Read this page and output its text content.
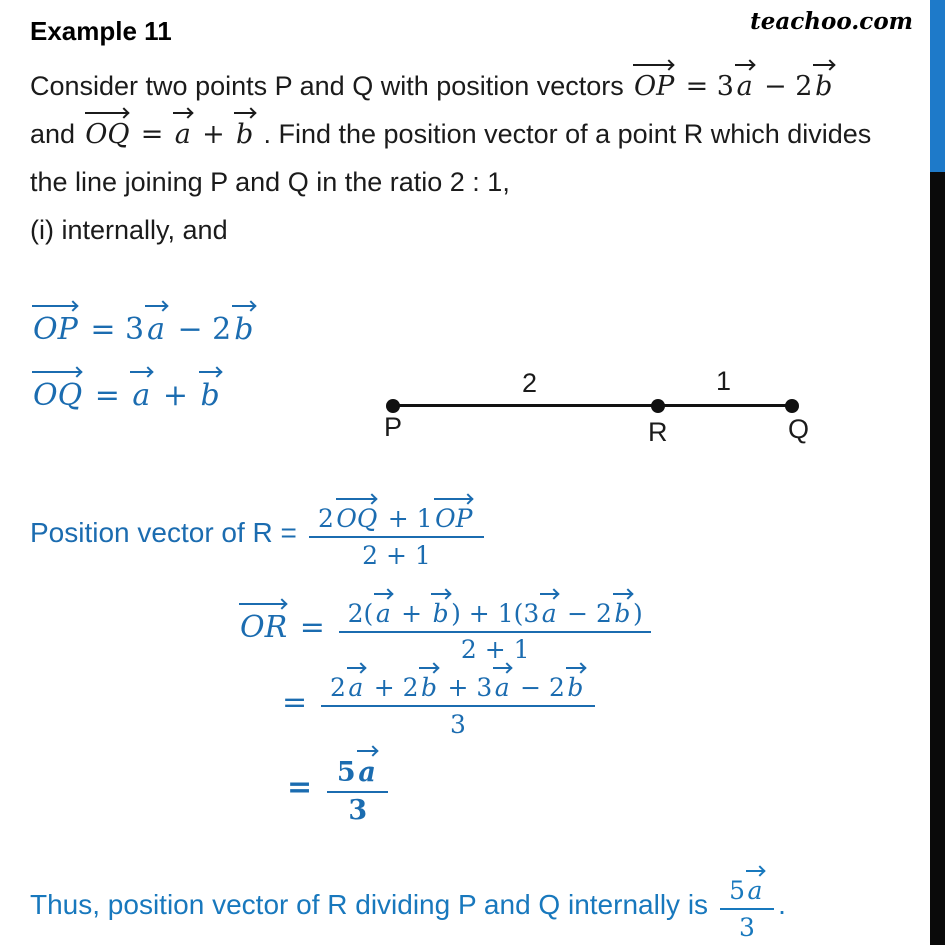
Example 11	teachoo.com
Consider two points P and Q with position vectors
OP = 3
a − 2
b
and
OQ =
a +
b . Find the position vector of a point R which divides
the line joining P and Q in the ratio 2 : 1,
(i) internally, and
OP = 3 a − 2 b
OQ =
a +
b	2	1
P	R	Q
Position vector of $R = \frac{2 OQ + 1 OP}{2 + 1}$
OR = 2( a +
b ) + 1(3 a − 2 b )
2 + 1
= $\frac{2 a + 2 b + 3 a - 2 b}{3}$
= 5
a
3
Thus, position vector of R dividing P and Q internally is $\frac{5 a}{3}$ .
